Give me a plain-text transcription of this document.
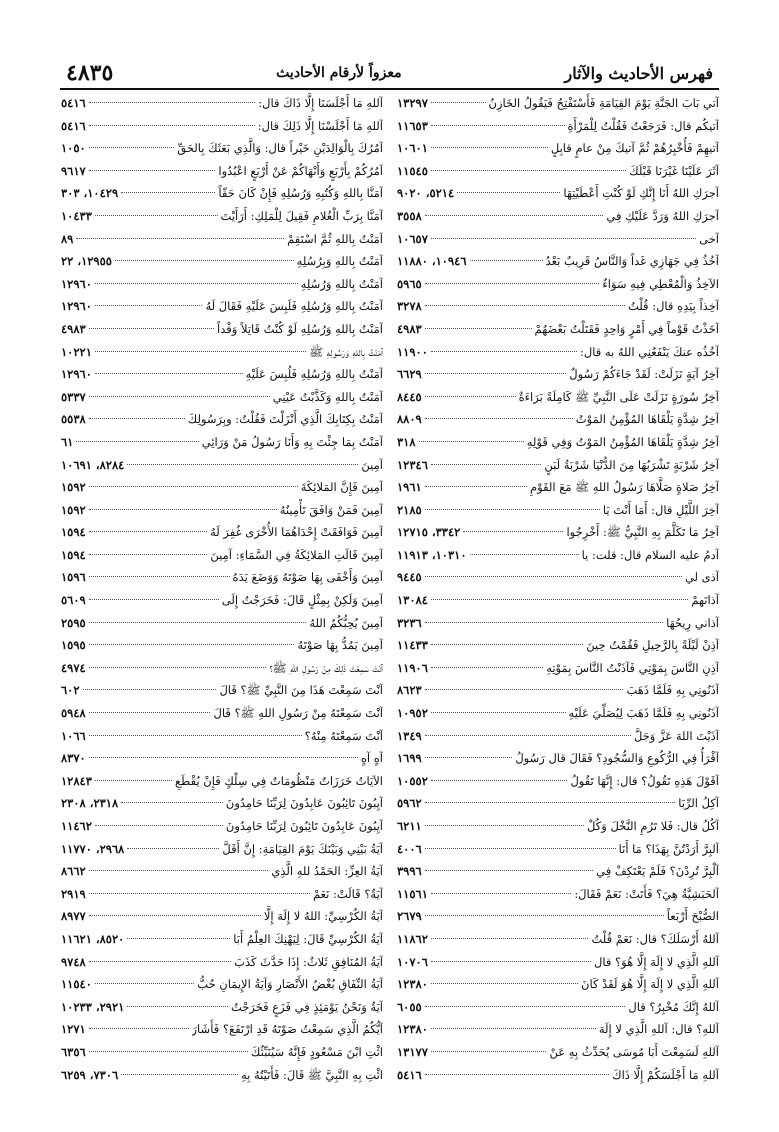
فهرس الأحاديث والآثار
معزواً لأرقام الأحاديث
٤٨٣٥
آتي بَابَ الجَنَّةِ يَوْمَ القِيَامَةِ فَأَسْتَفْتِحُ فَيَقُولُ الخَازِنُ
١٣٢٩٧
آتيكُم قال: فَرَجَعْتُ فَقُلْتُ لِلْمَرْأَةِ
١١٦٥٣
آتيهِمْ فَأُخْبِرُهُمْ ثُمَّ آتيكَ مِنْ عامٍ قابِلٍ
١٠٦٠١
آثَرَ عَلَيْنَا غَيْرَنَا قَبْلَكَ
١١٥٤٥
آجرَكِ اللهُ أَنَا إِنَّكِ لَوْ كُنْتِ أَعْطَيْتِهَا
٥٢١٤، ٩٠٢٠
آجرَكِ اللهُ وَرَدَّ عَلَيْكِ فِي
٣٥٥٨
آخى
١٠٦٥٧
آخُذُ فِي جَهَازِي غَداً وَالنَّاسُ قَرِيبٌ بَعْدُ
١٠٩٤٦، ١١٨٨٠
الآخِذُ وَالْمُعْطِي فِيهِ سَوَاءٌ
٥٩٦٥
آخِذاً بِيَدِهِ قال: قُلْتُ
٣٢٧٨
آخَذْتُ قَوْماً فِي أَمْرٍ وَاحِدٍ فَقَتَلْتُ بَعْضَهُمْ
٤٩٨٣
آخُذُه عنكَ يَنْفَعُنِي اللهُ به قال:
١١٩٠٠
آخِرُ آيَةٍ نَزَلَتْ: لَقَدْ جَاءَكُمْ رَسُولٌ
٦٦٢٩
آخِرُ سُورَةٍ نَزَلَتْ عَلَى النَّبِيِّ ﷺ كَامِلَةً بَرَاءَةٌ
٨٤٤٥
آخِرُ شِدَّةٍ يَلْقَاهَا المُؤْمِنُ المَوْتُ
٨٨٠٩
آخِرُ شِدَّةٍ يَلْقَاهَا المُؤْمِنُ المَوْتُ وَفِي قَوْلِهِ
٣١٨
آخِرُ شَرْبَةٍ تَشْرَبُهَا مِنَ الدُّنْيَا شَرْبَةُ لَبَنٍ
١٢٣٤٦
آخِرُ صَلاةٍ صَلَّاهَا رَسُولُ اللهِ ﷺ مَعَ القَوْمِ
١٩٦١
آخِرَ اللَّيْلِ قال: أَمَا أَنْتَ يَا
٢١٨٥
آخِرُ مَا تَكَلَّمَ بِهِ النَّبِيُّ ﷺ: أَخْرِجُوا
٣٣٤٢، ١٢٧١٥
آدمُ عليه السلام قال: قلت: يا
١٠٣١٠، ١١٩١٣
آذى لي
٩٤٤٥
آذانَهمْ
١٣٠٨٤
آذاني رِيحُهَا
٣٢٣٦
آذِنْ لَيْلَةً بِالرَّحِيلِ فَقُمْتُ حِينَ
١١٤٣٣
آذِنِ النَّاسَ بِمَوْتِي فَآذَنْتُ النَّاسَ بِمَوْتِهِ
١١٩٠٦
آذَنُونِي بِهِ فَلَمَّا ذَهَبَ
٨٦٢٣
آذَنُونِي بِهِ فَلَمَّا ذَهَبَ لِيُصَلِّيَ عَلَيْهِ
١٠٩٥٢
آذَيْتَ اللهَ عَزَّ وَجَلَّ
١٣٤٩
آقْرَأُ فِي الرُّكُوعِ وَالسُّجُودِ؟ فَقَالَ قال رَسُولُ
١٦٩٩
آقَوْلَ هَذِهِ تَقُولُ؟ قال: إِنَّهَا تَقُولُ
١٠٥٥٢
آكِلُ الرِّبَا
٥٩٦٢
آكُلُ قال: فَلا تَرُمِ النَّخْلَ وَكُلْ
٦٢١١
آلبِرَّ أَرَدْتُنَّ بِهَذَا؟ مَا أَنَا
٤٠٠٦
آلْبِرَّ تُرِدْنَ؟ فَلَمْ يَعْتَكِفْ فِي
٣٩٩٦
آلحَبَشِيَّةُ هِيَ؟ فَأَتَتْ: نَعَمْ فَقَالَ:
١١٥٦١
الصُّبْحَ أَرْبَعاً
٢٦٧٩
آللهُ أَرْسَلَكَ؟ قال: نَعَمْ قُلْتُ
١١٨٦٢
آللهِ الَّذِي لا إِلَهَ إِلَّا هُوَ؟ قال
١٠٧٠٦
آللهِ الَّذِي لا إِلَهَ إِلَّا هُوَ لَقَدْ كَانَ
١٢٣٨٠
آللهُ إِنَّكَ مُخْبِرٌ؟ قال
٦٠٥٥
آللهِ؟ قال: آللهِ الَّذِي لا إِلَهَ
١٢٣٨٠
آللهِ لَسَمِعْتَ أَبَا مُوسَى يُحَدِّثُ بِهِ عَنْ
١٣١٧٧
آللهِ مَا أَجْلَسَكُمْ إِلَّا ذَاكَ
٥٤١٦
آللهِ مَا أَجْلَسَنَا إِلَّا ذَاكَ قال:
٥٤١٦
آللهِ مَا أَجْلَسْنَا إِلَّا ذَلِكَ قال:
٥٤١٦
آمُرُكَ بِالْوَالِدَيْنِ خَيْراً قال: وَالَّذِي بَعَثَكَ بِالحَقِّ
١٠٥٠
آمُرُكُمْ بِأَرْبَعٍ وَأَنْهَاكُمْ عَنْ أَرْبَعٍ اعْبُدُوا
٩٦١٧
آمَنَّا بِاللهِ وَكُتُبِهِ وَرُسُلِهِ فَإِنْ كَانَ حَقّاً
١٠٤٢٩، ٣٠٣
آمَنَّا بِرَبِّ الْغُلامِ فَقِيلَ لِلْمَلِكِ: أَرَأَيْتَ
١٠٤٣٣
آمَنْتُ بِاللهِ ثُمَّ اسْتَقِمْ
٨٩
آمَنْتُ بِاللهِ وَبِرُسُلِهِ
١٢٩٥٥، ٢٢
آمَنْتُ بِاللهِ وَرُسُلِهِ
١٢٩٦٠
آمَنْتُ بِاللهِ وَرُسُلِهِ فَلَبِسَ عَلَيْهِ فَقَالَ لَهُ
١٢٩٦٠
آمَنْتُ بِاللهِ وَرُسُلِهِ لَوْ كُنْتُ قَاتِلاً وَفْداً
٤٩٨٣
آمَنْتُ بِاللهِ وَرَسُولِهِ ﷺ
١٠٢٢١
آمَنْتُ بِاللهِ وَرُسُلِهِ فَلُبِسَ عَلَيْهِ
١٢٩٦٠
آمَنْتُ بِاللهِ وَكَذَّبْتُ عَيْنِي
٥٣٣٧
آمَنْتُ بِكِتَابِكَ الَّذِي أَنْزَلْتَ فَقُلْتُ: وبِرَسُولِكَ
٥٥٣٨
آمَنْتُ بِمَا جِئْتَ بِهِ وَأَنَا رَسُولُ مَنْ وَرَائِي
٦١
آمِينَ
٨٢٨٤، ١٠٦٩١
آمِينَ فَإِنَّ المَلائِكَةَ
١٥٩٢
آمِينَ فَمَنْ وَافَقَ تَأْمِينُهُ
١٥٩٢
آمِينَ فَوَافَقَتْ إِحْدَاهُمَا الأُخْرَى غُفِرَ لَهُ
١٥٩٤
آمِينَ قَالَتِ المَلائِكَةُ فِي السَّمَاءِ: آمِينَ
١٥٩٤
آمِينَ وَأَخْفَى بِهَا صَوْتَهُ وَوَضَعَ يَدَهُ
١٥٩٦
آمِينَ وَلَكِنْ بِمِثْلٍ قَالَ: فَخَرَجْتُ إِلَى
٥٦٠٩
آمِينَ يُحِبُّكُمُ اللهُ
٢٥٩٥
آمِينَ يَمُدُّ بِهَا صَوْتَهُ
١٥٩٥
آنْتَ سَمِعْتَ ذَلِكَ مِنْ رَسُولِ اللهِ ﷺ؟
٤٩٧٤
آنْتَ سَمِعْتَ هَذَا مِنَ النَّبِيِّ ﷺ؟ قَالَ
٦٠٢
آنْتَ سَمِعْتَهُ مِنْ رَسُولِ اللهِ ﷺ؟ قَالَ
٥٩٤٨
آنْتَ سَمِعْتَهُ مِنْهُ؟
١٠٦٦
آهٍ آهٍ
٨٣٧٠
الآيَاتُ خَرَزَاتٌ مَنْظُومَاتٌ فِي سِلْكٍ فَإِنْ يُقْطَعِ
١٢٨٤٣
آيِبُونَ تَائِبُونَ عَابِدُونَ لِرَبِّنَا حَامِدُونَ
٢٣١٨، ٢٣٠٨
آيِبُونَ عَابِدُونَ تَائِبُونَ لِرَبِّنَا حَامِدُونَ
١١٤٦٢
آيَةُ بَيْنِي وَبَيْنَكَ يَوْمَ القِيَامَةِ: إِنَّ أَقَلَّ
٢٩٦٨، ١١٧٧٠
آيَةُ العِزِّ: الحَمْدُ للهِ الَّذِي
٨٦٦٢
آيَةٌ؟ قَالَتْ: نَعَمْ
٢٩١٩
آيَةُ الكُرْسِيِّ: اللهُ لا إِلَهَ إِلَّا
٨٩٧٧
آيَةُ الكُرْسِيِّ قَالَ: لِيَهْنِكَ العِلْمُ أَبَا
٨٥٢٠، ١١٦٢١
آيَةُ المُنَافِقِ ثَلاثٌ: إِذَا حَدَّثَ كَذَبَ
٩٧٤٨
آيَةُ النِّفَاقِ بُغْضُ الأَنْصَارِ وَآيَةُ الإِيمَانِ حُبُّ
١١٥٤٠
آيَةٌ وَنَحْنُ يَوْمَئِذٍ فِي فَزَعٍ فَخَرَجْتُ
٢٩٢١، ١٠٢٣٣
آيُّكُمُ الَّذِي سَمِعْتُ صَوْتَهُ قَدِ ارْتَفَعَ؟ فَأَشَارَ
١٢٧١
ائْتِ ابْنَ مَسْعُودٍ فَإِنَّهُ سَيُنَبِّئُكَ
٦٣٥٦
ائْتِ بِهِ النَّبِيَّ ﷺ قَالَ: فَأَتَيْتُهُ بِهِ
٧٣٠٦، ٦٢٥٩
